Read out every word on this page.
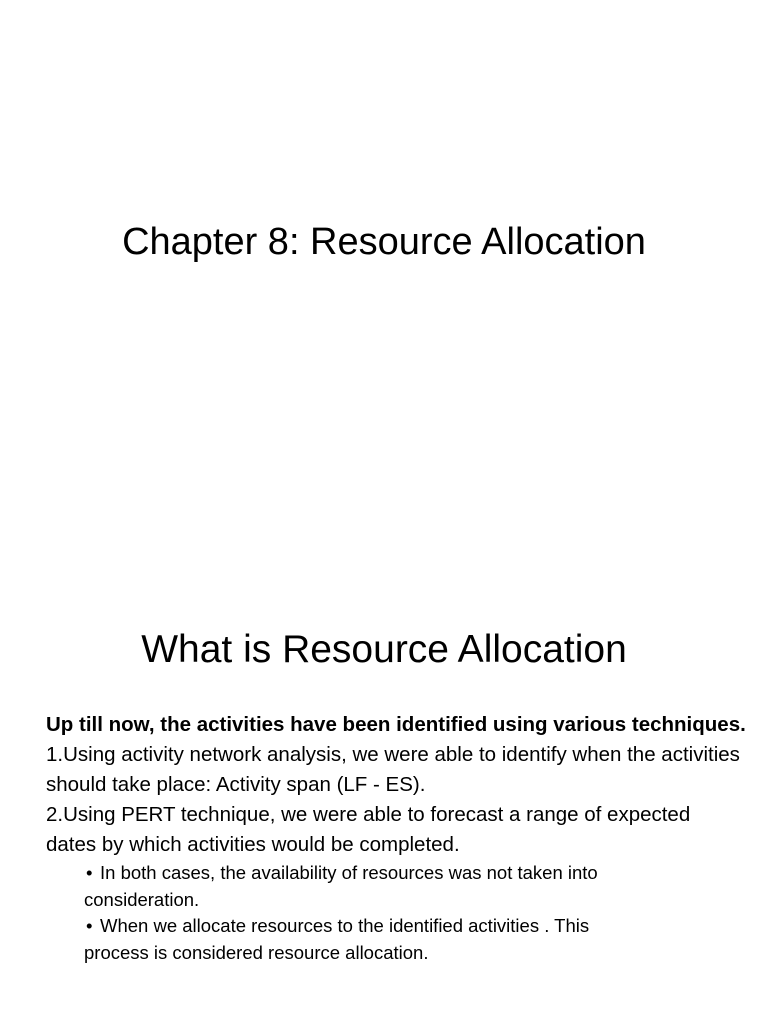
Chapter 8: Resource Allocation
What is Resource Allocation

Up till now, the activities have been identified using various techniques.

1.Using activity network analysis, we were able to identify when the activities should take place: Activity span (LF - ES).

2.Using PERT technique, we were able to forecast a range of expected dates by which activities would be completed.

• In both cases, the availability of resources was not taken into consideration.
• When we allocate resources to the identified activities . This process is considered resource allocation.
